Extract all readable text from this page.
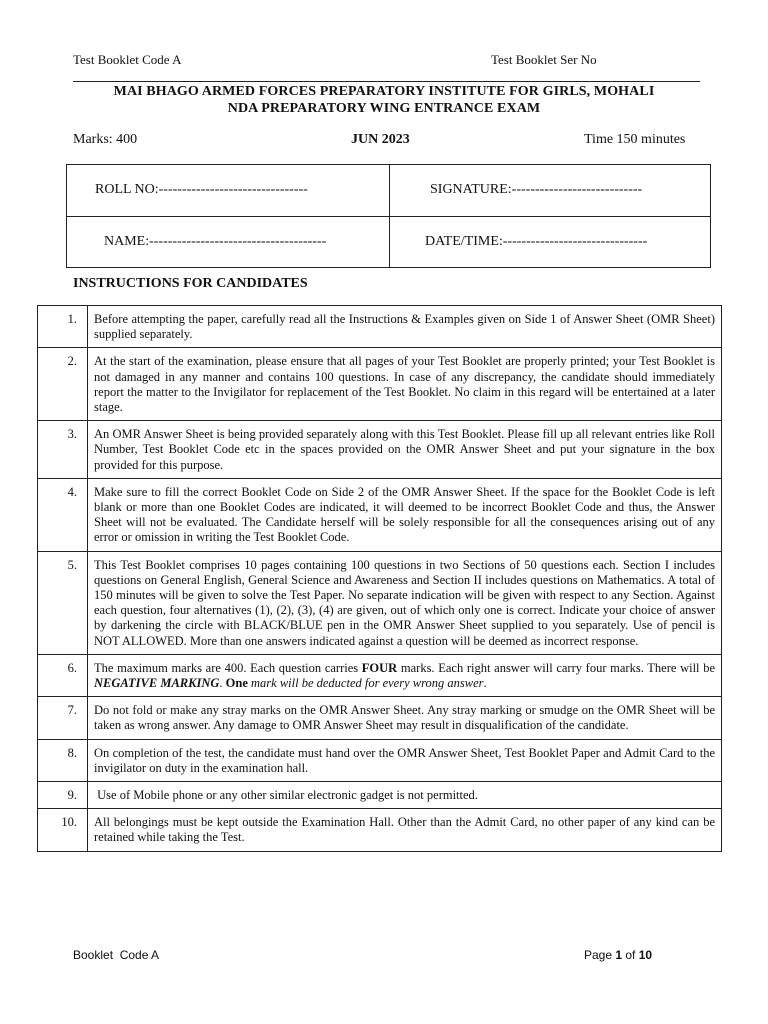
Test Booklet Code A	Test Booklet Ser No
MAI BHAGO ARMED FORCES PREPARATORY INSTITUTE FOR GIRLS, MOHALI
NDA PREPARATORY WING ENTRANCE EXAM
Marks: 400	JUN 2023	Time 150 minutes
ROLL NO:--------------------------------	SIGNATURE:----------------------------
NAME:--------------------------------------	DATE/TIME:-------------------------------
INSTRUCTIONS FOR CANDIDATES
1.	Before attempting the paper, carefully read all the Instructions & Examples given on Side 1 of Answer Sheet (OMR Sheet) supplied separately.
2.	At the start of the examination, please ensure that all pages of your Test Booklet are properly printed; your Test Booklet is not damaged in any manner and contains 100 questions. In case of any discrepancy, the candidate should immediately report the matter to the Invigilator for replacement of the Test Booklet. No claim in this regard will be entertained at a later stage.
3.	An OMR Answer Sheet is being provided separately along with this Test Booklet. Please fill up all relevant entries like Roll Number, Test Booklet Code etc in the spaces provided on the OMR Answer Sheet and put your signature in the box provided for this purpose.
4.	Make sure to fill the correct Booklet Code on Side 2 of the OMR Answer Sheet. If the space for the Booklet Code is left blank or more than one Booklet Codes are indicated, it will deemed to be incorrect Booklet Code and thus, the Answer Sheet will not be evaluated. The Candidate herself will be solely responsible for all the consequences arising out of any error or omission in writing the Test Booklet Code.
5.	This Test Booklet comprises 10 pages containing 100 questions in two Sections of 50 questions each. Section I includes questions on General English, General Science and Awareness and Section II includes questions on Mathematics. A total of 150 minutes will be given to solve the Test Paper. No separate indication will be given with respect to any Section. Against each question, four alternatives (1), (2), (3), (4) are given, out of which only one is correct. Indicate your choice of answer by darkening the circle with BLACK/BLUE pen in the OMR Answer Sheet supplied to you separately. Use of pencil is NOT ALLOWED. More than one answers indicated against a question will be deemed as incorrect response.
6.	The maximum marks are 400. Each question carries FOUR marks. Each right answer will carry four marks. There will be NEGATIVE MARKING. One mark will be deducted for every wrong answer.
7.	Do not fold or make any stray marks on the OMR Answer Sheet. Any stray marking or smudge on the OMR Sheet will be taken as wrong answer. Any damage to OMR Answer Sheet may result in disqualification of the candidate.
8.	On completion of the test, the candidate must hand over the OMR Answer Sheet, Test Booklet Paper and Admit Card to the invigilator on duty in the examination hall.
9.	Use of Mobile phone or any other similar electronic gadget is not permitted.
10.	All belongings must be kept outside the Examination Hall. Other than the Admit Card, no other paper of any kind can be retained while taking the Test.
Booklet  Code A	Page 1 of 10
